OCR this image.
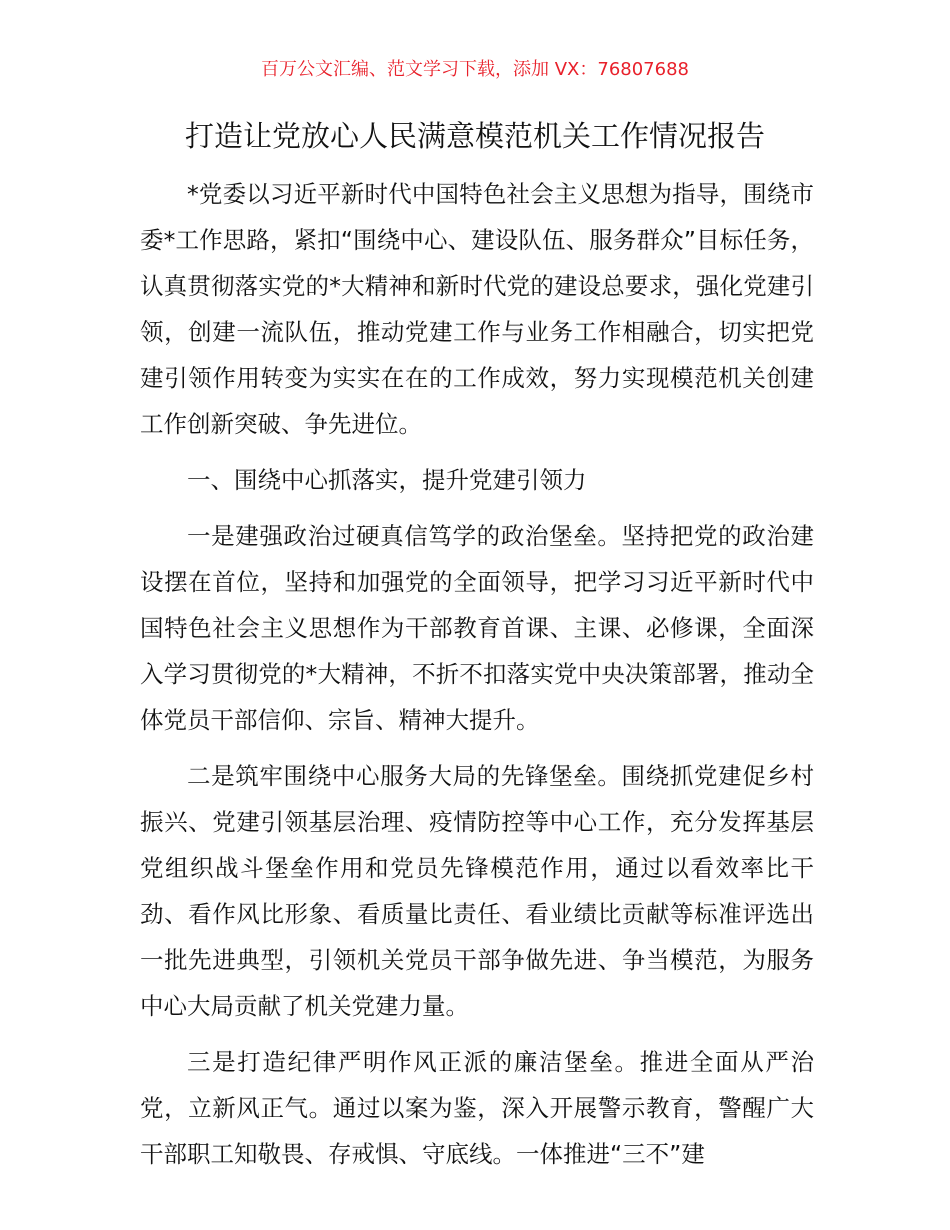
百万公文汇编、范文学习下载，添加 VX：76807688
打造让党放心人民满意模范机关工作情况报告

*党委以习近平新时代中国特色社会主义思想为指导，围绕市委*工作思路，紧扣“围绕中心、建设队伍、服务群众”目标任务，认真贯彻落实党的*大精神和新时代党的建设总要求，强化党建引领，创建一流队伍，推动党建工作与业务工作相融合，切实把党建引领作用转变为实实在在的工作成效，努力实现模范机关创建工作创新突破、争先进位。

一、围绕中心抓落实，提升党建引领力

一是建强政治过硬真信笃学的政治堡垒。坚持把党的政治建设摆在首位，坚持和加强党的全面领导，把学习习近平新时代中国特色社会主义思想作为干部教育首课、主课、必修课，全面深入学习贯彻党的*大精神，不折不扣落实党中央决策部署，推动全体党员干部信仰、宗旨、精神大提升。

二是筑牢围绕中心服务大局的先锋堡垒。围绕抓党建促乡村振兴、党建引领基层治理、疫情防控等中心工作，充分发挥基层党组织战斗堡垒作用和党员先锋模范作用，通过以看效率比干劲、看作风比形象、看质量比责任、看业绩比贡献等标准评选出一批先进典型，引领机关党员干部争做先进、争当模范，为服务中心大局贡献了机关党建力量。

三是打造纪律严明作风正派的廉洁堡垒。推进全面从严治党，立新风正气。通过以案为鉴，深入开展警示教育，警醒广大干部职工知敬畏、存戒惧、守底线。一体推进“三不”建
